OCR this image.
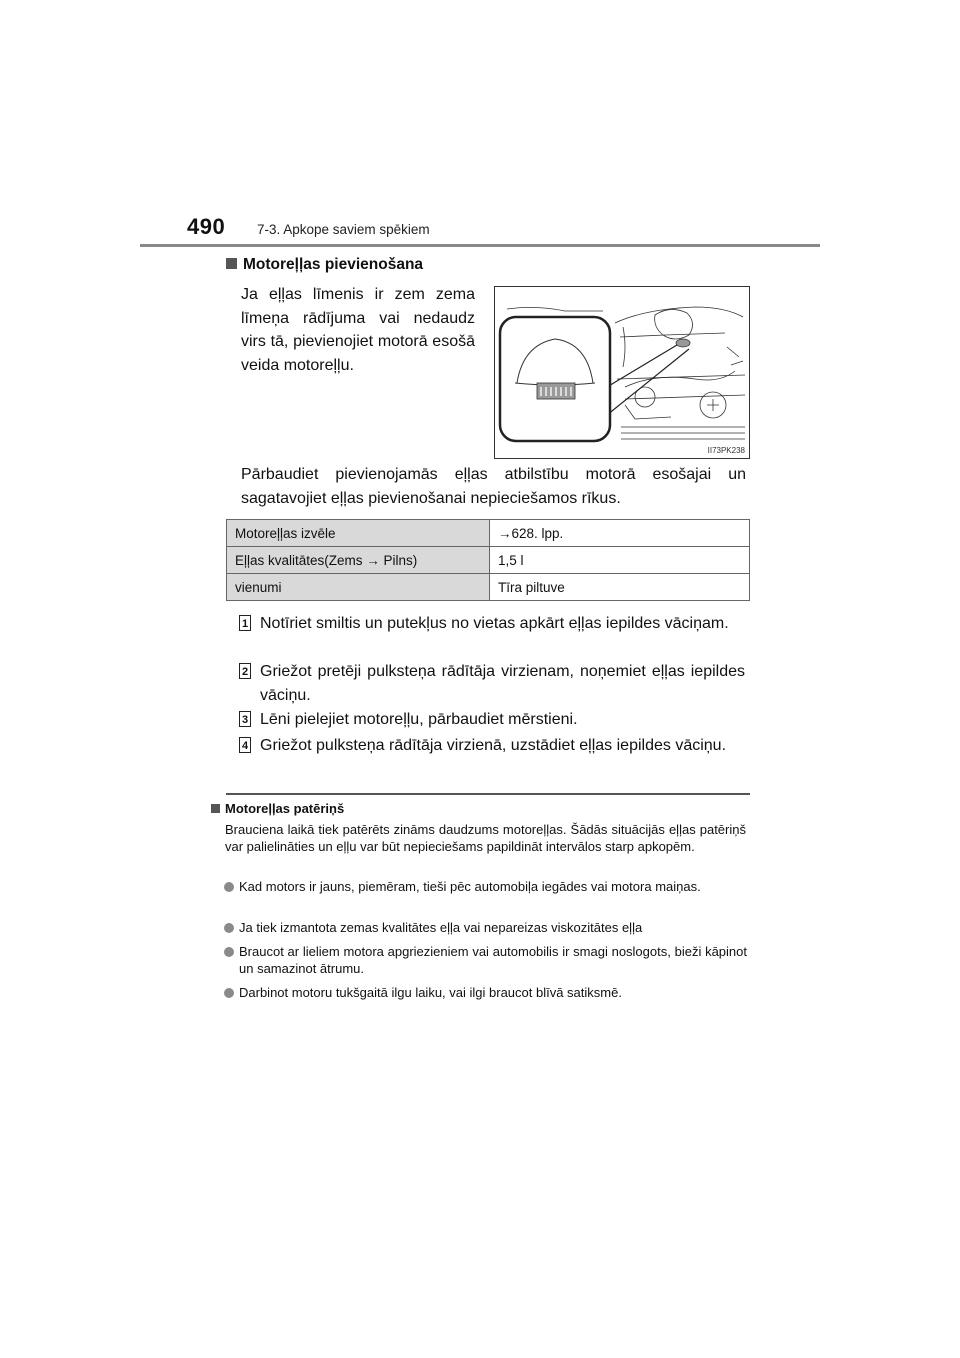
490 7-3. Apkope saviem spēkiem
Motoreļļas pievienošana
Ja eļļas līmenis ir zem zema līmeņa rādījuma vai nedaudz virs tā, pievienojiet motorā esošā veida motoreļļu.
II73PK238
Pārbaudiet pievienojamās eļļas atbilstību motorā esošajai un sagatavojiet eļļas pievienošanai nepieciešamos rīkus.
Motoreļļas izvēle	→628. lpp.
Eļļas kvalitātes(Zems → Pilns)	1,5 l
vienumi	Tīra piltuve
1 Notīriet smiltis un putekļus no vietas apkārt eļļas iepildes vāciņam.
2 Griežot pretēji pulksteņa rādītāja virzienam, noņemiet eļļas iepildes vāciņu.
3 Lēni pielejiet motoreļļu, pārbaudiet mērstieni.
4 Griežot pulksteņa rādītāja virzienā, uzstādiet eļļas iepildes vāciņu.
Motoreļļas patēriņš
Brauciena laikā tiek patērēts zināms daudzums motoreļļas. Šādās situācijās eļļas patēriņš var palielināties un eļļu var būt nepieciešams papildināt intervālos starp apkopēm.
Kad motors ir jauns, piemēram, tieši pēc automobiļa iegādes vai motora maiņas.
Ja tiek izmantota zemas kvalitātes eļļa vai nepareizas viskozitātes eļļa
Braucot ar lieliem motora apgriezieniem vai automobilis ir smagi noslogots, bieži kāpinot un samazinot ātrumu.
Darbinot motoru tukšgaitā ilgu laiku, vai ilgi braucot blīvā satiksmē.
